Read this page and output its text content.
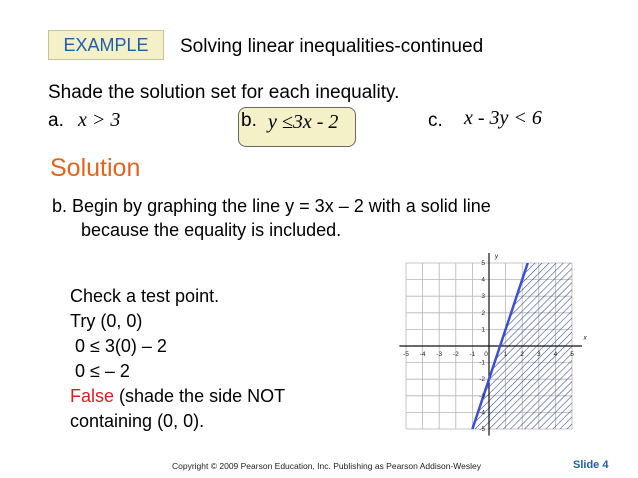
EXAMPLE	Solving linear inequalities-continued
Shade the solution set for each inequality.
a. x > 3	b. y ≤3x - 2	c. x - 3y < 6
Solution
b. Begin by graphing the line y = 3x – 2 with a solid line
because the equality is included.
Check a test point.
Try (0, 0)
0 ≤ 3(0) – 2
0 ≤ – 2
False (shade the side NOT
containing (0, 0).
-5 -4 -3 -2 -1 0 1 2 3 4 5
5
4
3
2
1
-1
-2
-3
-4
-5
y
x
Copyright © 2009 Pearson Education, Inc. Publishing as Pearson Addison-Wesley	Slide 4
